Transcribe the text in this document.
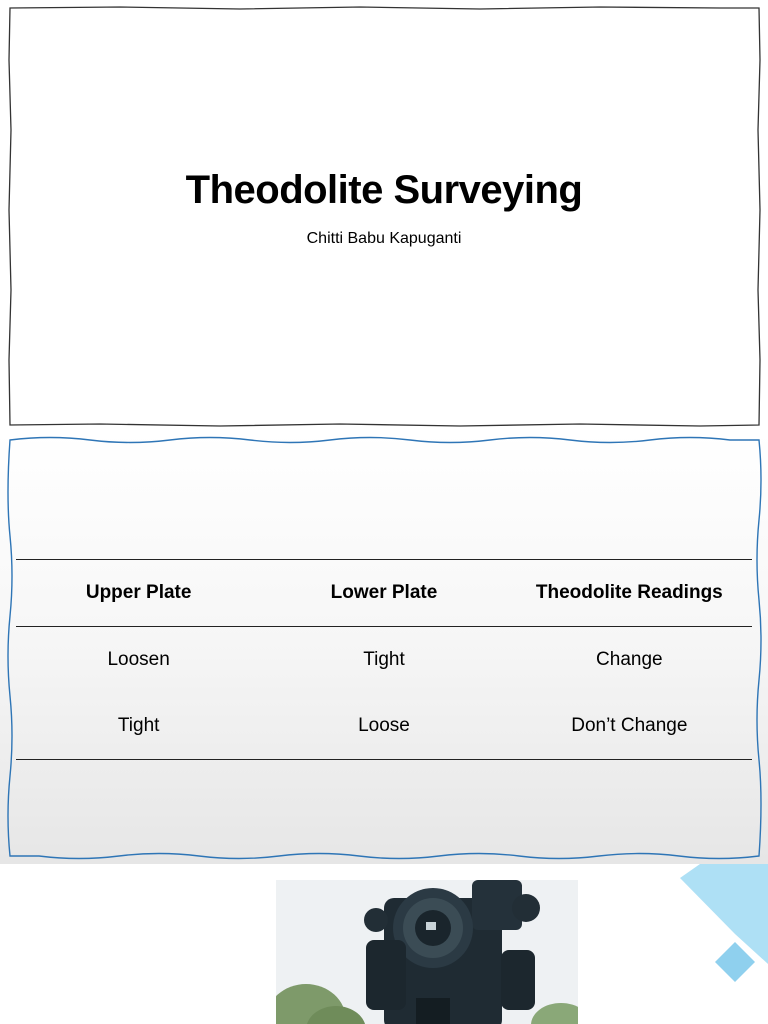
Theodolite Surveying
Chitti Babu Kapuganti
Upper Plate	Lower Plate	Theodolite Readings
Loosen	Tight	Change
Tight	Loose	Don’t Change
